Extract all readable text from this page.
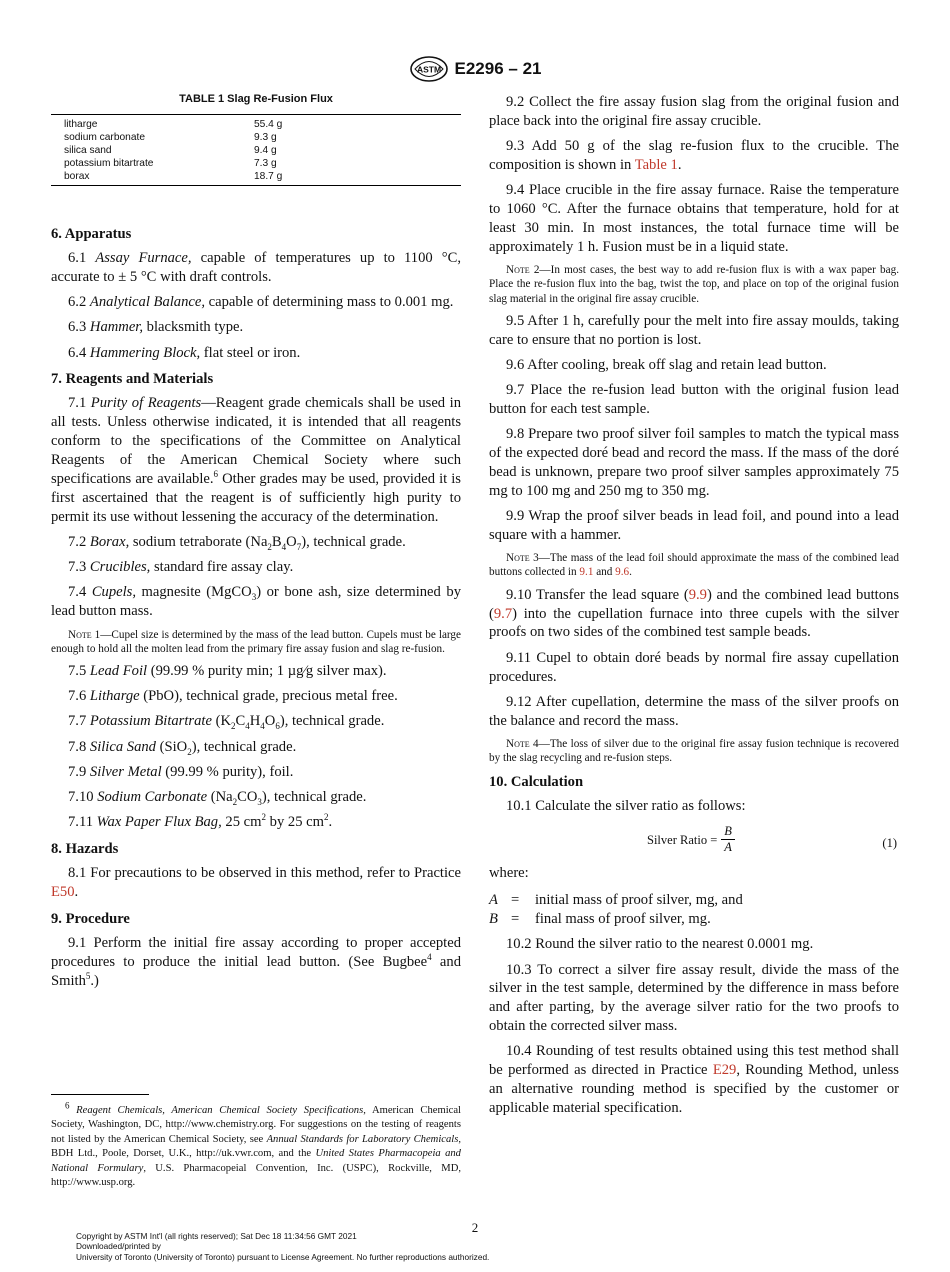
ASTM E2296 – 21
TABLE 1 Slag Re-Fusion Flux
litharge	55.4 g
sodium carbonate	9.3 g
silica sand	9.4 g
potassium bitartrate	7.3 g
borax	18.7 g
6. Apparatus

6.1 Assay Furnace, capable of temperatures up to 1100 °C, accurate to ± 5 °C with draft controls.

6.2 Analytical Balance, capable of determining mass to 0.001 mg.

6.3 Hammer, blacksmith type.

6.4 Hammering Block, flat steel or iron.

7. Reagents and Materials

7.1 Purity of Reagents—Reagent grade chemicals shall be used in all tests. Unless otherwise indicated, it is intended that all reagents conform to the specifications of the Committee on Analytical Reagents of the American Chemical Society where such specifications are available.$^6$ Other grades may be used, provided it is first ascertained that the reagent is of sufficiently high purity to permit its use without lessening the accuracy of the determination.

7.2 Borax, sodium tetraborate $(Na_2B_4O_7)$, technical grade.

7.3 Crucibles, standard fire assay clay.

7.4 Cupels, magnesite (MgCO$_3$) or bone ash, size determined by lead button mass.

Note 1—Cupel size is determined by the mass of the lead button. Cupels must be large enough to hold all the molten lead from the primary fire assay fusion and slag re-fusion.

7.5 Lead Foil (99.99 % purity min; 1 µg⁄g silver max).

7.6 Litharge (PbO), technical grade, precious metal free.

7.7 Potassium Bitartrate $(K_2C_4H_4O_6)$, technical grade.

7.8 Silica Sand (SiO$_2$), technical grade.

7.9 Silver Metal (99.99 % purity), foil.

7.10 Sodium Carbonate $(Na_2CO_3)$, technical grade.

7.11 Wax Paper Flux Bag, 25 $cm^2$ by 25 $cm^2$.

8. Hazards

8.1 For precautions to be observed in this method, refer to Practice E50.

9. Procedure

9.1 Perform the initial fire assay according to proper accepted procedures to produce the initial lead button. (See Bugbee$^4$ and Smith$^5$.)

$^6$ Reagent Chemicals, American Chemical Society Specifications, American Chemical Society, Washington, DC, http://www.chemistry.org. For suggestions on the testing of reagents not listed by the American Chemical Society, see Annual Standards for Laboratory Chemicals, BDH Ltd., Poole, Dorset, U.K., http://uk.vwr.com, and the United States Pharmacopeia and National Formulary, U.S. Pharmacopeial Convention, Inc. (USPC), Rockville, MD, http://www.usp.org.

9.2 Collect the fire assay fusion slag from the original fusion and place back into the original fire assay crucible.

9.3 Add 50 g of the slag re-fusion flux to the crucible. The composition is shown in Table 1.

9.4 Place crucible in the fire assay furnace. Raise the temperature to 1060 °C. After the furnace obtains that temperature, hold for at least 30 min. In most instances, the total furnace time will be approximately 1 h. Fusion must be in a liquid state.

Note 2—In most cases, the best way to add re-fusion flux is with a wax paper bag. Place the re-fusion flux into the bag, twist the top, and place on top of the original fusion slag material in the original fire assay crucible.

9.5 After 1 h, carefully pour the melt into fire assay moulds, taking care to ensure that no portion is lost.

9.6 After cooling, break off slag and retain lead button.

9.7 Place the re-fusion lead button with the original fusion lead button for each test sample.

9.8 Prepare two proof silver foil samples to match the typical mass of the expected doré bead and record the mass. If the mass of the doré bead is unknown, prepare two proof silver samples approximately 75 mg to 100 mg and 250 mg to 350 mg.

9.9 Wrap the proof silver beads in lead foil, and pound into a lead square with a hammer.

Note 3—The mass of the lead foil should approximate the mass of the combined lead buttons collected in 9.1 and 9.6.

9.10 Transfer the lead square (9.9) and the combined lead buttons (9.7) into the cupellation furnace into three cupels with the silver proofs on two sides of the combined test sample beads.

9.11 Cupel to obtain doré beads by normal fire assay cupellation procedures.

9.12 After cupellation, determine the mass of the silver proofs on the balance and record the mass.

Note 4—The loss of silver due to the original fire assay fusion technique is recovered by the slag recycling and re-fusion steps.
10. Calculation

10.1 Calculate the silver ratio as follows:

Silver Ratio = $\frac{B}{A}$	(1)

where:

A =	initial mass of proof silver, mg, and
B =	final mass of proof silver, mg.

10.2 Round the silver ratio to the nearest 0.0001 mg.

10.3 To correct a silver fire assay result, divide the mass of the silver in the test sample, determined by the difference in mass before and after parting, by the average silver ratio for the two proofs to obtain the corrected silver mass.

10.4 Rounding of test results obtained using this test method shall be performed as directed in Practice E29, Rounding Method, unless an alternative rounding method is specified by the customer or applicable material specification.

2
Copyright by ASTM Int'l (all rights reserved); Sat Dec 18 11:34:56 GMT 2021
Downloaded/printed by
University of Toronto (University of Toronto) pursuant to License Agreement. No further reproductions authorized.
